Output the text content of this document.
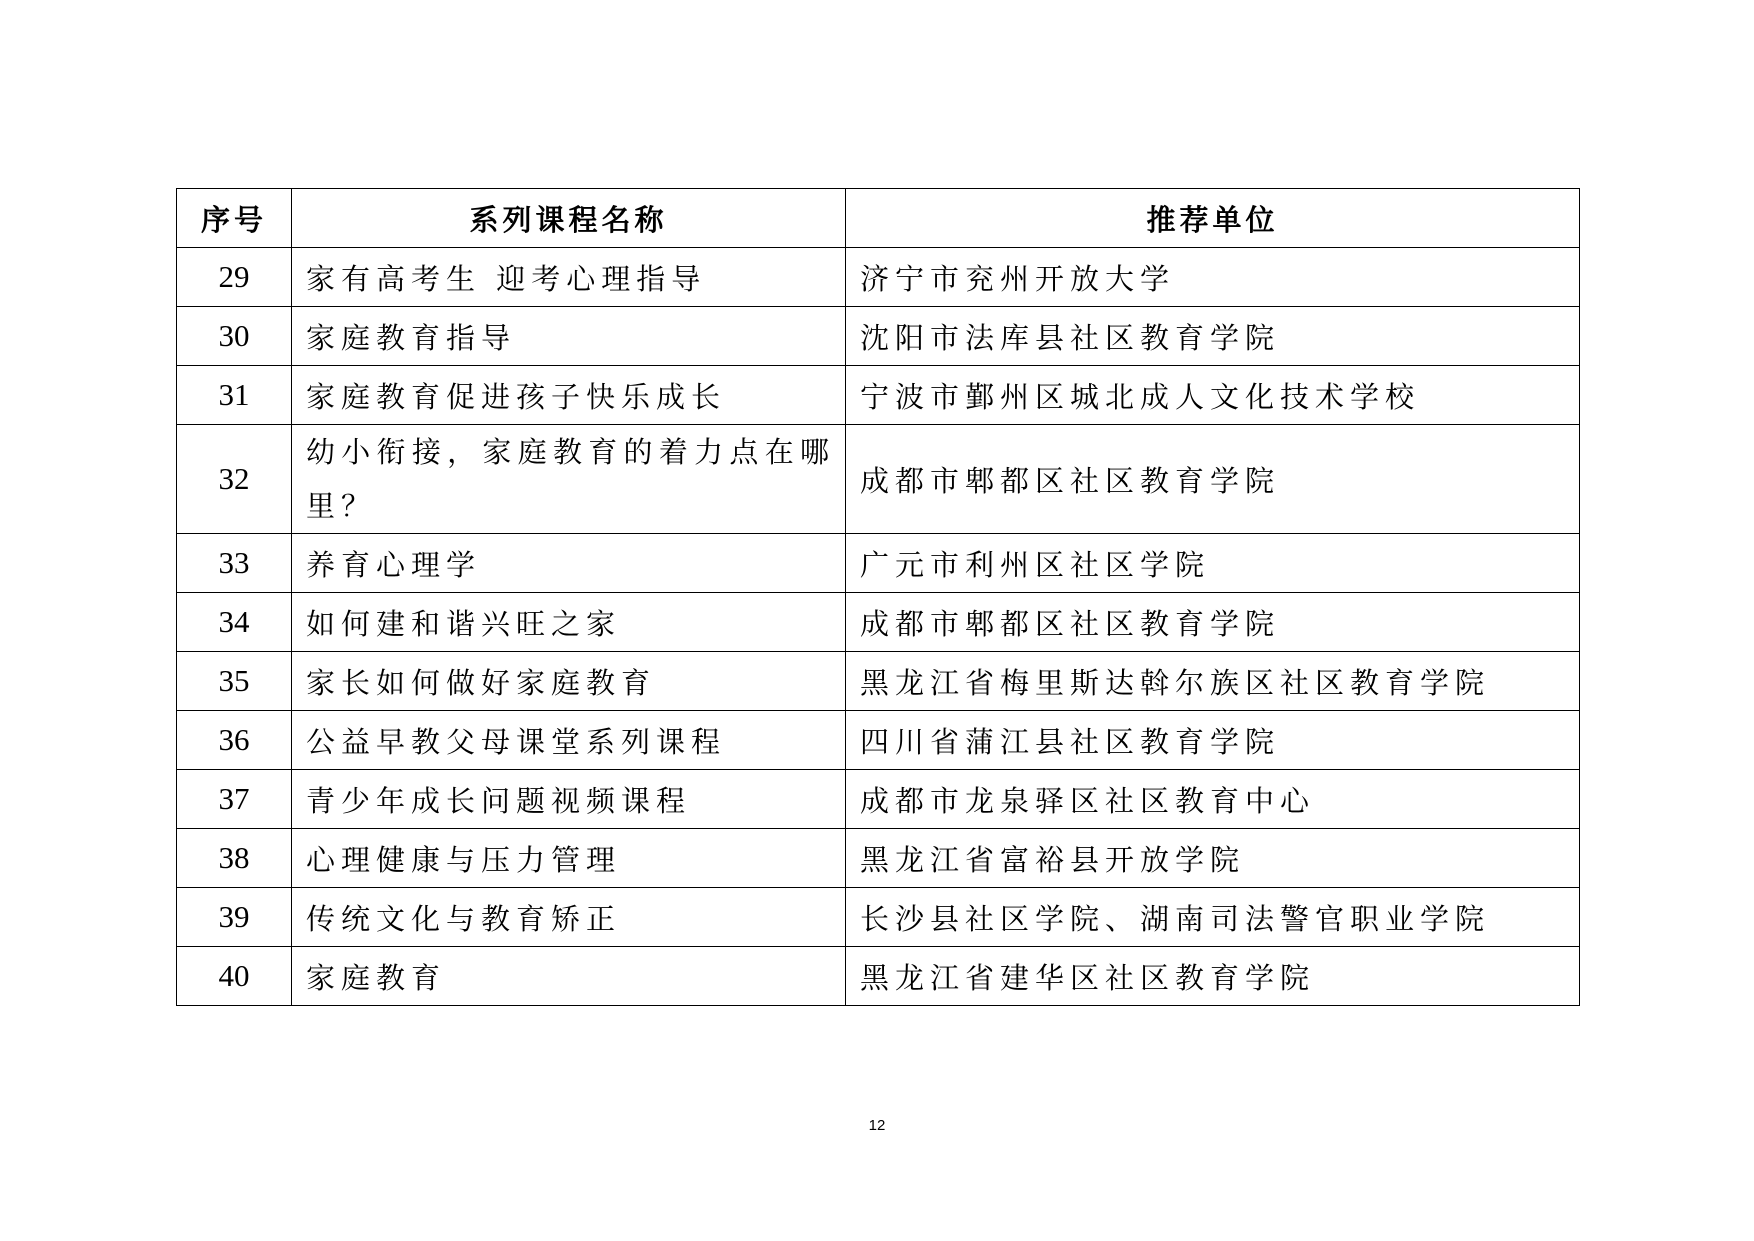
序号	系列课程名称	推荐单位
29	家有高考生 迎考心理指导	济宁市兖州开放大学
30	家庭教育指导	沈阳市法库县社区教育学院
31	家庭教育促进孩子快乐成长	宁波市鄞州区城北成人文化技术学校
32	幼小衔接，家庭教育的着力点在哪里？	成都市郫都区社区教育学院
33	养育心理学	广元市利州区社区学院
34	如何建和谐兴旺之家	成都市郫都区社区教育学院
35	家长如何做好家庭教育	黑龙江省梅里斯达斡尔族区社区教育学院
36	公益早教父母课堂系列课程	四川省蒲江县社区教育学院
37	青少年成长问题视频课程	成都市龙泉驿区社区教育中心
38	心理健康与压力管理	黑龙江省富裕县开放学院
39	传统文化与教育矫正	长沙县社区学院、湖南司法警官职业学院
40	家庭教育	黑龙江省建华区社区教育学院
12
